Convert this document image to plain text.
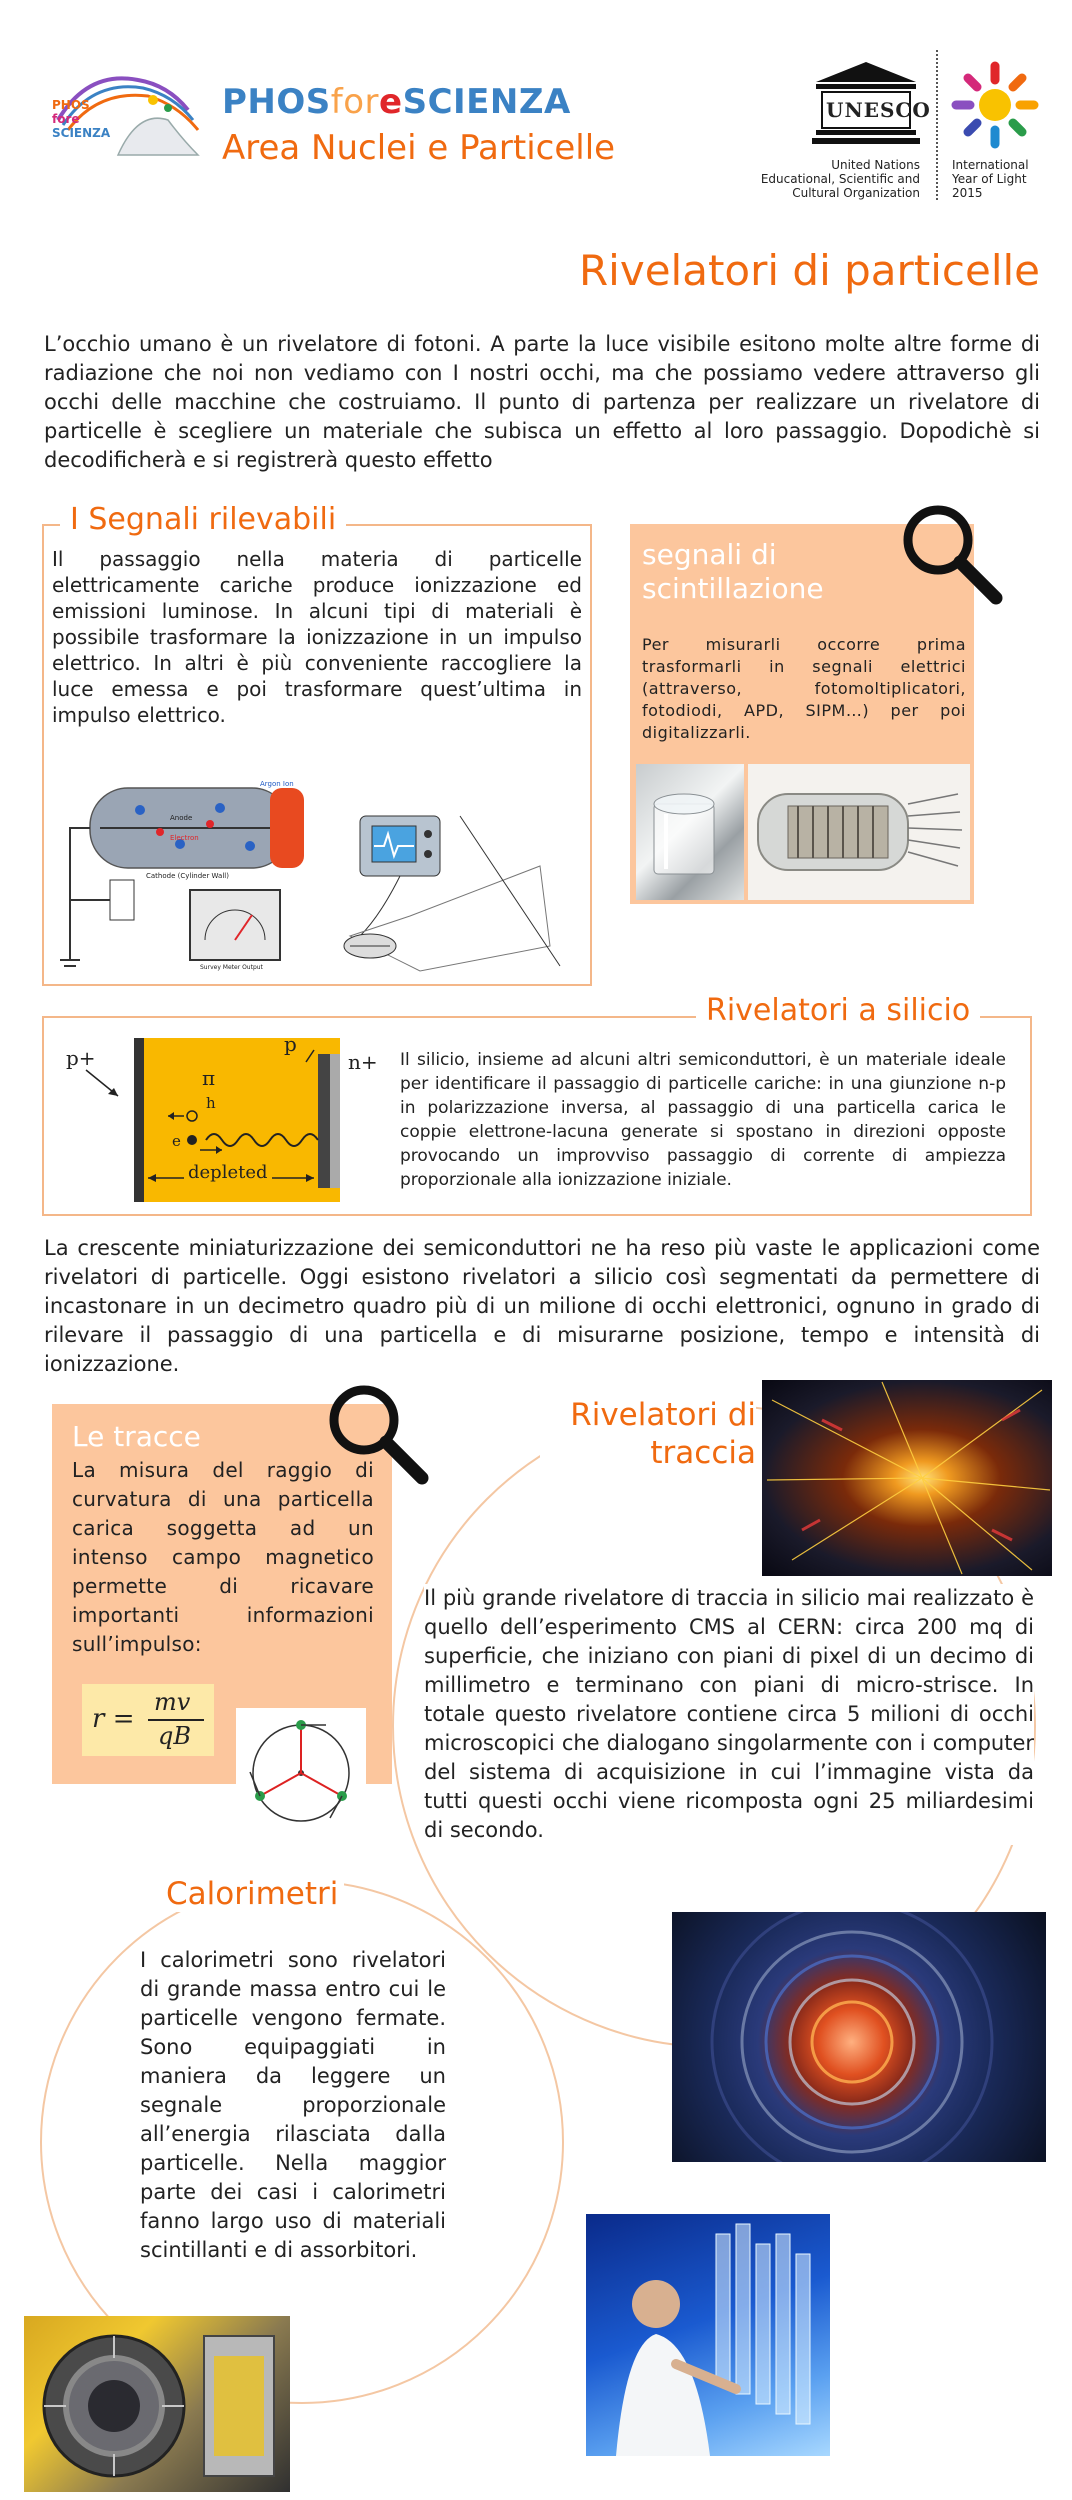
PHOS
fore
SCIENZA
PHOSforeSCIENZA
Area Nuclei e Particelle
UNESCO
United Nations
Educational, Scientific and
Cultural Organization
International
Year of Light
2015
Rivelatori di particelle
L’occhio umano è un rivelatore di fotoni. A parte la luce visibile esitono molte altre forme di radiazione che noi non vediamo con I nostri occhi, ma che possiamo vedere attraverso gli occhi delle macchine che costruiamo. Il punto di partenza per realizzare un rivelatore di particelle è scegliere un materiale che subisca un effetto al loro passaggio. Dopodichè si decodificherà e si registrerà questo effetto
I Segnali rilevabili
Il passaggio nella materia di particelle elettricamente cariche produce ionizzazione ed emissioni luminose. In alcuni tipi di materiali è possibile trasformare la ionizzazione in un impulso elettrico. In altri è più conveniente raccogliere la luce emessa e poi trasformare quest’ultima in impulso elettrico.
Anode
Electron
Argon Ion
Cathode (Cylinder Wall)
Survey Meter Output
segnali di scintillazione
Per misurarli occorre prima trasformarli in segnali elettrici (attraverso, fotomoltiplicatori, fotodiodi, APD, SIPM…) per poi digitalizzarli.
Rivelatori a silicio
p+	n+
p
π
h
e
depleted
Il silicio, insieme ad alcuni altri semiconduttori, è un materiale ideale per identificare il passaggio di particelle cariche: in una giunzione n-p in polarizzazione inversa, al passaggio di una particella carica le coppie elettrone-lacuna generate si spostano in direzioni opposte provocando un improvviso passaggio di corrente di ampiezza proporzionale alla ionizzazione iniziale.
La crescente miniaturizzazione dei semiconduttori ne ha reso più vaste le applicazioni come rivelatori di particelle. Oggi esistono rivelatori a silicio così segmentati da permettere di incastonare in un decimetro quadro più di un milione di occhi elettronici, ognuno in grado di rilevare il passaggio di una particella e di misurarne posizione, tempo e intensità di ionizzazione.
Le tracce
La misura del raggio di curvatura di una particella carica soggetta ad un intenso campo magnetico permette di ricavare importanti informazioni sull’impulso:
r =
mv
qB
Rivelatori di
traccia
Il più grande rivelatore di traccia in silicio mai realizzato è quello dell’esperimento CMS al CERN: circa 200 mq di superficie, che iniziano con piani di pixel di un decimo di millimetro e terminano con piani di micro-strisce. In totale questo rivelatore contiene circa 5 milioni di occhi microscopici che dialogano singolarmente con i computer del sistema di acquisizione in cui l’immagine vista da tutti questi occhi viene ricomposta ogni 25 miliardesimi di secondo.
Calorimetri
I calorimetri sono rivelatori di grande massa entro cui le particelle vengono fermate. Sono equipaggiati in maniera da leggere un segnale proporzionale all’energia rilasciata dalla particelle. Nella maggior parte dei casi i calorimetri fanno largo uso di materiali scintillanti e di assorbitori.
